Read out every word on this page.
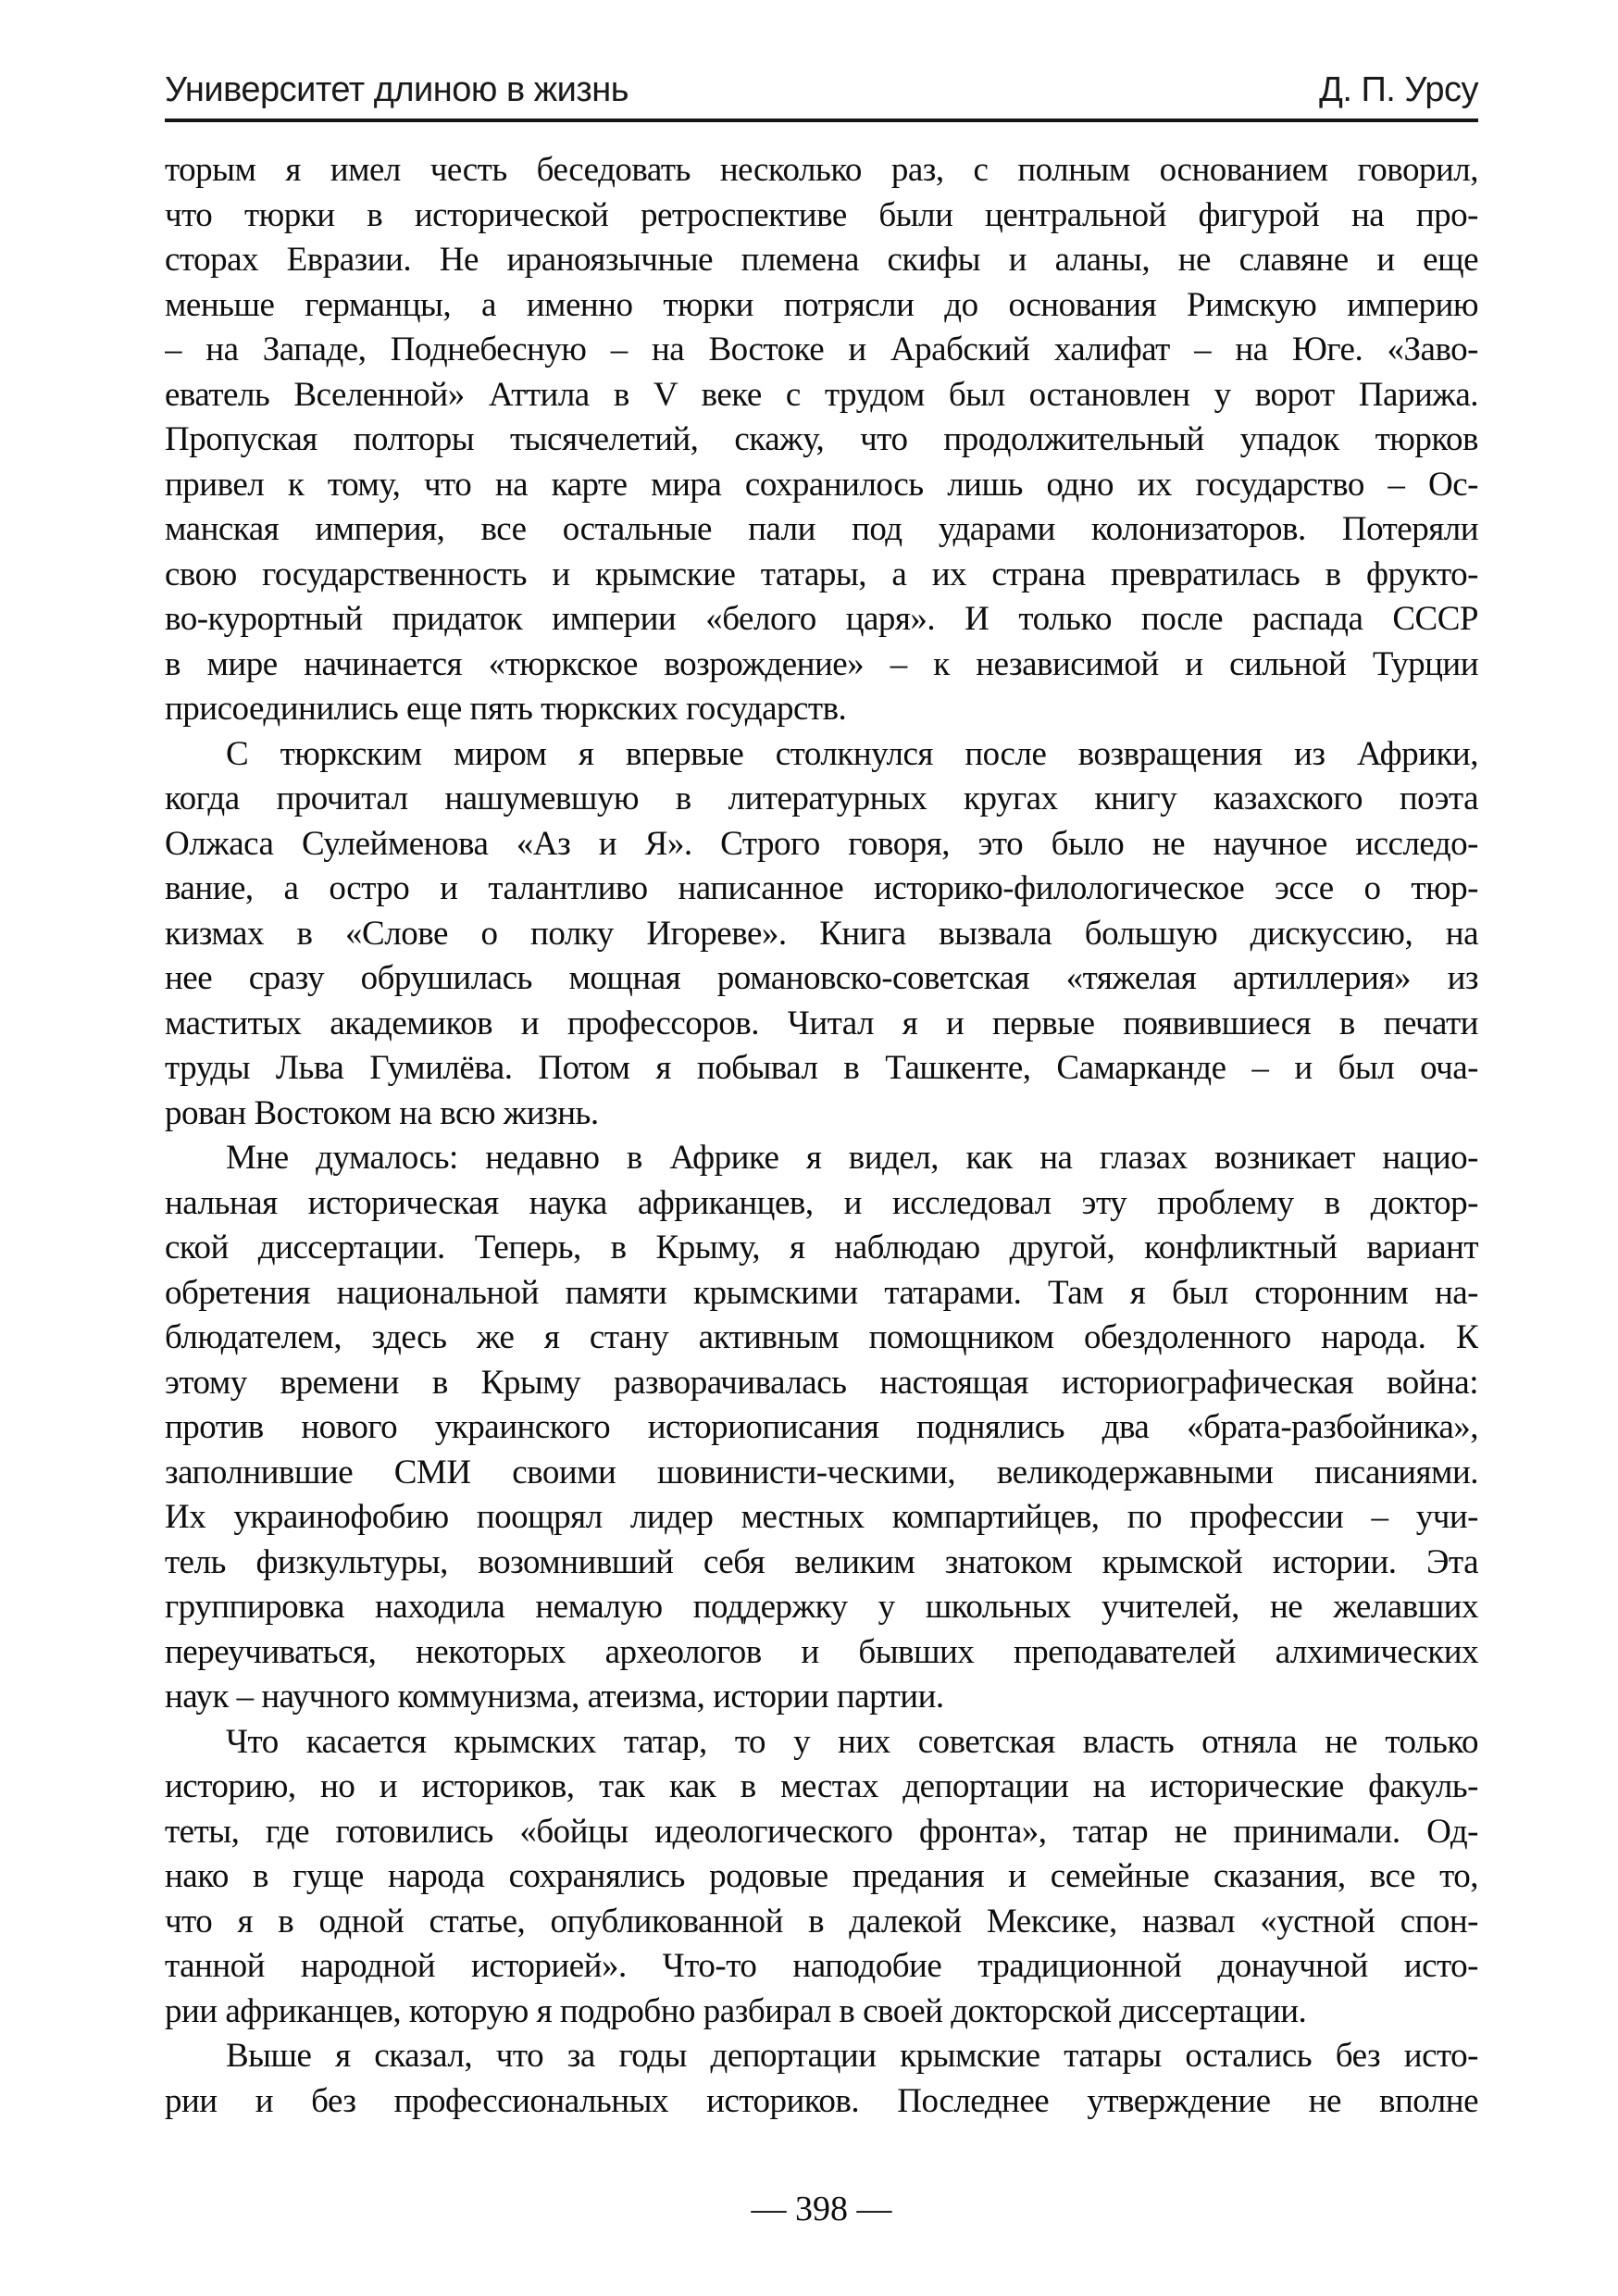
Университет длиною в жизнь	Д. П. Урсу
торым я имел честь беседовать несколько раз, с полным основанием говорил,
что тюрки в исторической ретроспективе были центральной фигурой на про-
сторах Евразии. Не ираноязычные племена скифы и аланы, не славяне и еще
меньше германцы, а именно тюрки потрясли до основания Римскую империю
– на Западе, Поднебесную – на Востоке и Арабский халифат – на Юге. «Заво-
еватель Вселенной» Аттила в V веке с трудом был остановлен у ворот Парижа.
Пропуская полторы тысячелетий, скажу, что продолжительный упадок тюрков
привел к тому, что на карте мира сохранилось лишь одно их государство – Ос-
манская империя, все остальные пали под ударами колонизаторов. Потеряли
свою государственность и крымские татары, а их страна превратилась в фрукто-
во-курортный придаток империи «белого царя». И только после распада СССР
в мире начинается «тюркское возрождение» – к независимой и сильной Турции
присоединились еще пять тюркских государств.
С тюркским миром я впервые столкнулся после возвращения из Африки,
когда прочитал нашумевшую в литературных кругах книгу казахского поэта
Олжаса Сулейменова «Аз и Я». Строго говоря, это было не научное исследо-
вание, а остро и талантливо написанное историко-филологическое эссе о тюр-
кизмах в «Слове о полку Игореве». Книга вызвала большую дискуссию, на
нее сразу обрушилась мощная романовско-советская «тяжелая артиллерия» из
маститых академиков и профессоров. Читал я и первые появившиеся в печати
труды Льва Гумилёва. Потом я побывал в Ташкенте, Самарканде – и был оча-
рован Востоком на всю жизнь.
Мне думалось: недавно в Африке я видел, как на глазах возникает нацио-
нальная историческая наука африканцев, и исследовал эту проблему в доктор-
ской диссертации. Теперь, в Крыму, я наблюдаю другой, конфликтный вариант
обретения национальной памяти крымскими татарами. Там я был сторонним на-
блюдателем, здесь же я стану активным помощником обездоленного народа. К
этому времени в Крыму разворачивалась настоящая историографическая война:
против нового украинского историописания поднялись два «брата-разбойника»,
заполнившие СМИ своими шовинисти-ческими, великодержавными писаниями.
Их украинофобию поощрял лидер местных компартийцев, по профессии – учи-
тель физкультуры, возомнивший себя великим знатоком крымской истории. Эта
группировка находила немалую поддержку у школьных учителей, не желавших
переучиваться, некоторых археологов и бывших преподавателей алхимических
наук – научного коммунизма, атеизма, истории партии.
Что касается крымских татар, то у них советская власть отняла не только
историю, но и историков, так как в местах депортации на исторические факуль-
теты, где готовились «бойцы идеологического фронта», татар не принимали. Од-
нако в гуще народа сохранялись родовые предания и семейные сказания, все то,
что я в одной статье, опубликованной в далекой Мексике, назвал «устной спон-
танной народной историей». Что-то наподобие традиционной донаучной исто-
рии африканцев, которую я подробно разбирал в своей докторской диссертации.
Выше я сказал, что за годы депортации крымские татары остались без исто-
рии и без профессиональных историков. Последнее утверждение не вполне
— 398 —
